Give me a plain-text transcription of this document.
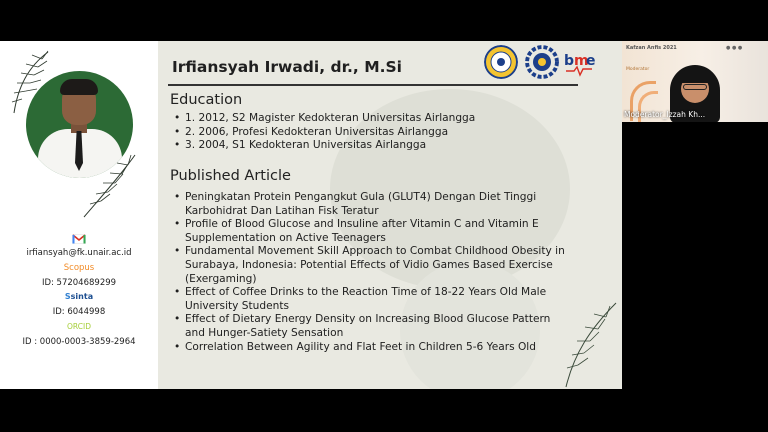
irfiansyah@fk.unair.ac.id
Scopus
ID: 57204689299
Ssinta
ID: 6044998
ORCID
ID : 0000-0003-3859-2964
b m
e
Irfiansyah Irwadi, dr., M.Si
Education
• 1. 2012, S2 Magister Kedokteran Universitas Airlangga
• 2. 2006, Profesi Kedokteran Universitas Airlangga
• 3. 2004, S1 Kedokteran Universitas Airlangga
Published Article
• Peningkatan Protein Pengangkut Gula (GLUT4) Dengan Diet Tinggi Karbohidrat Dan Latihan Fisk Teratur
• Profile of Blood Glucose and Insuline after Vitamin C and Vitamin E Supplementation on Active Teenagers
• Fundamental Movement Skill Approach to Combat Childhood Obesity in Surabaya, Indonesia: Potential Effects of Vidio Games Based Exercise (Exergaming)
• Effect of Coffee Drinks to the Reaction Time of 18-22 Years Old Male University Students
• Effect of Dietary Energy Density on Increasing Blood Glucose Pattern and Hunger-Satiety Sensation
• Correlation Between Agility and Flat Feet in Children 5-6 Years Old
Kafzan Anfis 2021
Moderator
● ● ●
Moderator_Izzah Kh...
